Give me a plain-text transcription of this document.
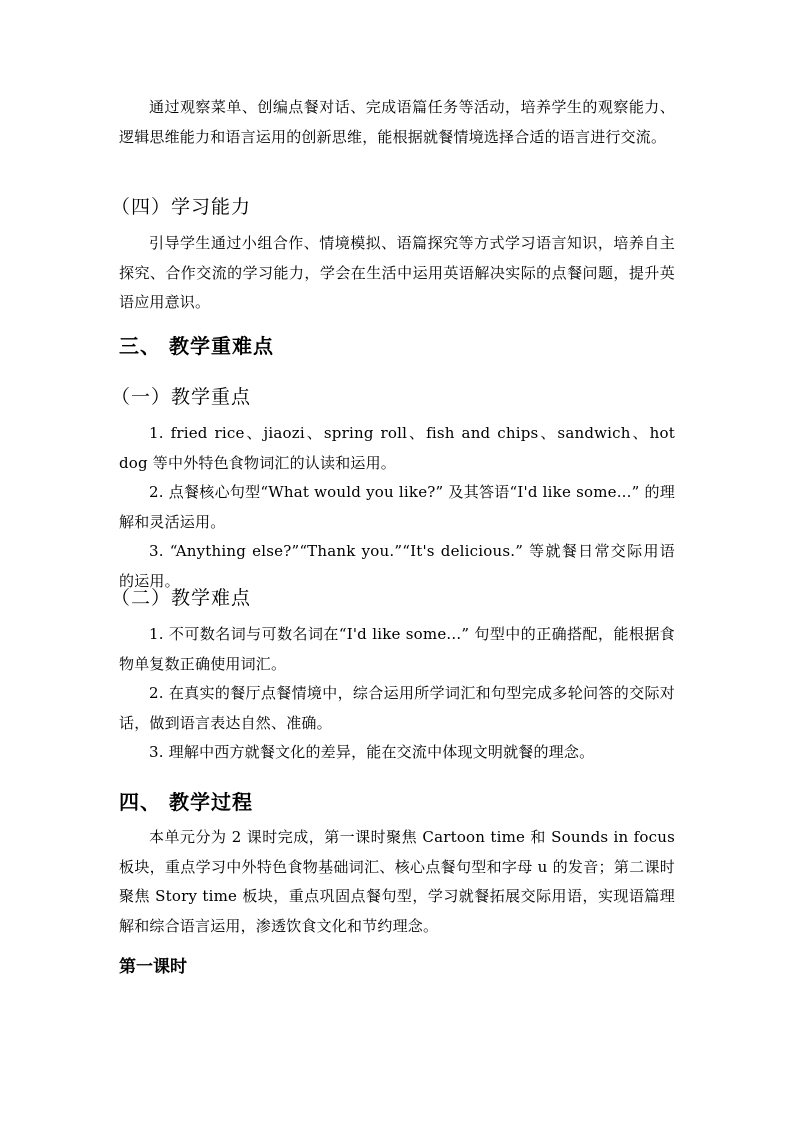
通过观察菜单、创编点餐对话、完成语篇任务等活动，培养学生的观察能力、逻辑思维能力和语言运用的创新思维，能根据就餐情境选择合适的语言进行交流。

（四）学习能力

引导学生通过小组合作、情境模拟、语篇探究等方式学习语言知识，培养自主探究、合作交流的学习能力，学会在生活中运用英语解决实际的点餐问题，提升英语应用意识。

三、 教学重难点
（一）教学重点

1. fried rice、jiaozi、spring roll、fish and chips、sandwich、hot dog 等中外特色食物词汇的认读和运用。

2. 点餐核心句型“What would you like?” 及其答语“I'd like some...” 的理解和灵活运用。

3. “Anything else?”“Thank you.”“It's delicious.” 等就餐日常交际用语的运用。

（二）教学难点

1. 不可数名词与可数名词在“I'd like some...” 句型中的正确搭配，能根据食物单复数正确使用词汇。

2. 在真实的餐厅点餐情境中，综合运用所学词汇和句型完成多轮问答的交际对话，做到语言表达自然、准确。

3. 理解中西方就餐文化的差异，能在交流中体现文明就餐的理念。

四、 教学过程

本单元分为 2 课时完成，第一课时聚焦 Cartoon time 和 Sounds in focus 板块，重点学习中外特色食物基础词汇、核心点餐句型和字母 u 的发音；第二课时聚焦 Story time 板块，重点巩固点餐句型，学习就餐拓展交际用语，实现语篇理解和综合语言运用，渗透饮食文化和节约理念。

第一课时
